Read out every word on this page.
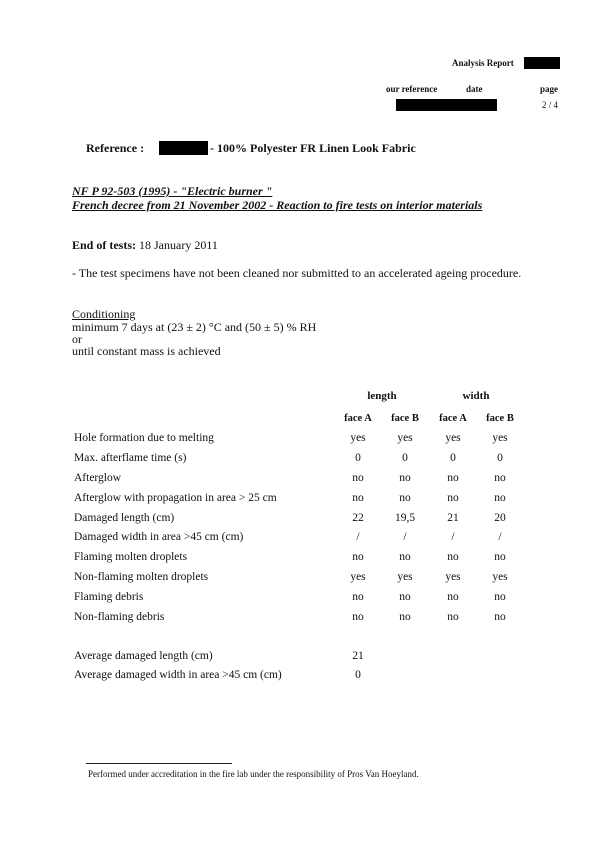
Analysis Report
our reference	date	page
2 / 4
Reference :	- 100% Polyester FR Linen Look Fabric
NF P 92-503 (1995) - "Electric burner "
French decree from 21 November 2002 - Reaction to fire tests on interior materials
End of tests: 18 January 2011
- The test specimens have not been cleaned nor submitted to an accelerated ageing procedure.
Conditioning
minimum 7 days at (23 ± 2) °C and (50 ± 5) % RH
or
until constant mass is achieved
length	width
face A	face B	face A	face B
Hole formation due to melting	yes	yes	yes	yes
Max. afterflame time (s)	0	0	0	0
Afterglow	no	no	no	no
Afterglow with propagation in area > 25 cm	no	no	no	no
Damaged length (cm)	22	19,5	21	20
Damaged width in area >45 cm (cm)	/	/	/	/
Flaming molten droplets	no	no	no	no
Non-flaming molten droplets	yes	yes	yes	yes
Flaming debris	no	no	no	no
Non-flaming debris	no	no	no	no
Average damaged length (cm)	21
Average damaged width in area >45 cm (cm)	0
Performed under accreditation in the fire lab under the responsibility of Pros Van Hoeyland.
